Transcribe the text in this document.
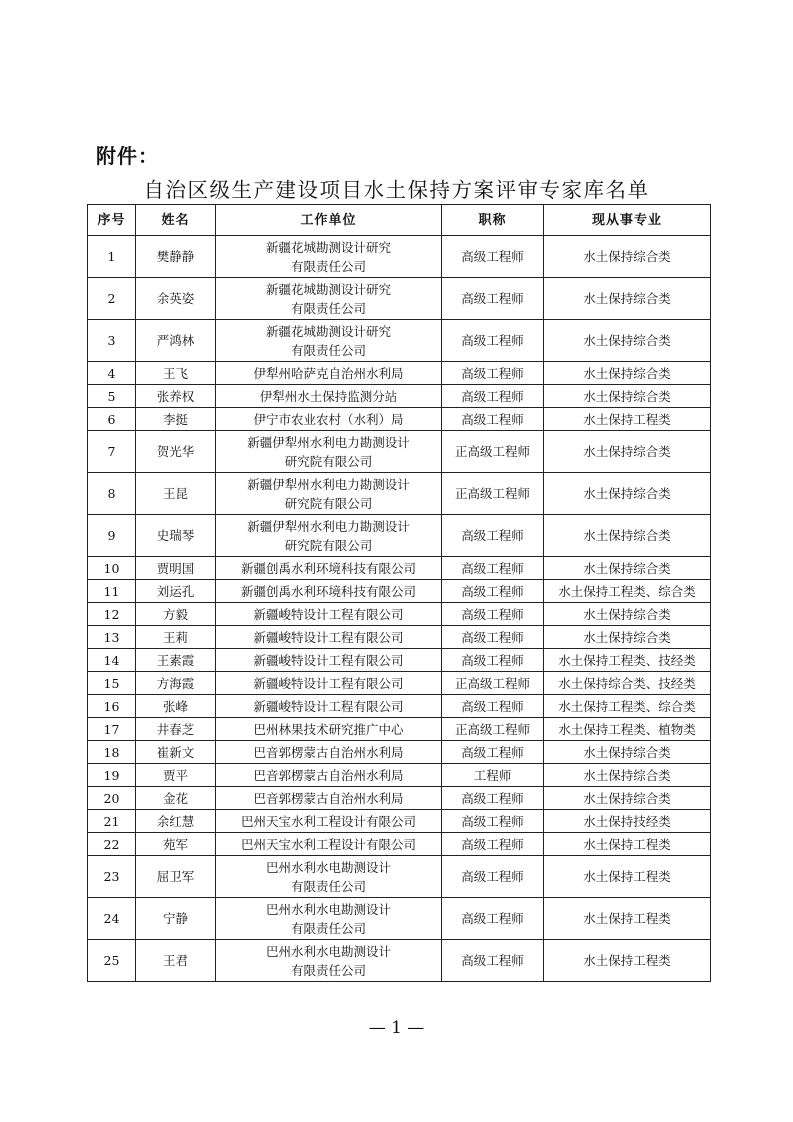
附件：
自治区级生产建设项目水土保持方案评审专家库名单
序号	姓名	工作单位	职称	现从事专业
1	樊静静	新疆花城勘测设计研究
有限责任公司	高级工程师	水土保持综合类
2	余英姿	新疆花城勘测设计研究
有限责任公司	高级工程师	水土保持综合类
3	严鸿林	新疆花城勘测设计研究
有限责任公司	高级工程师	水土保持综合类
4	王飞	伊犁州哈萨克自治州水利局	高级工程师	水土保持综合类
5	张养权	伊犁州水土保持监测分站	高级工程师	水土保持综合类
6	李挺	伊宁市农业农村（水利）局	高级工程师	水土保持工程类
7	贺光华	新疆伊犁州水利电力勘测设计
研究院有限公司	正高级工程师	水土保持综合类
8	王昆	新疆伊犁州水利电力勘测设计
研究院有限公司	正高级工程师	水土保持综合类
9	史瑞琴	新疆伊犁州水利电力勘测设计
研究院有限公司	高级工程师	水土保持综合类
10	贾明国	新疆创禹水利环境科技有限公司	高级工程师	水土保持综合类
11	刘运孔	新疆创禹水利环境科技有限公司	高级工程师	水土保持工程类、综合类
12	方毅	新疆峻特设计工程有限公司	高级工程师	水土保持综合类
13	王莉	新疆峻特设计工程有限公司	高级工程师	水土保持综合类
14	王素霞	新疆峻特设计工程有限公司	高级工程师	水土保持工程类、技经类
15	方海霞	新疆峻特设计工程有限公司	正高级工程师	水土保持综合类、技经类
16	张峰	新疆峻特设计工程有限公司	高级工程师	水土保持工程类、综合类
17	井春芝	巴州林果技术研究推广中心	正高级工程师	水土保持工程类、植物类
18	崔新文	巴音郭楞蒙古自治州水利局	高级工程师	水土保持综合类
19	贾平	巴音郭楞蒙古自治州水利局	工程师	水土保持综合类
20	金花	巴音郭楞蒙古自治州水利局	高级工程师	水土保持综合类
21	余红慧	巴州天宝水利工程设计有限公司	高级工程师	水土保持技经类
22	苑军	巴州天宝水利工程设计有限公司	高级工程师	水土保持工程类
23	屈卫军	巴州水利水电勘测设计
有限责任公司	高级工程师	水土保持工程类
24	宁静	巴州水利水电勘测设计
有限责任公司	高级工程师	水土保持工程类
25	王君	巴州水利水电勘测设计
有限责任公司	高级工程师	水土保持工程类
— 1 —
